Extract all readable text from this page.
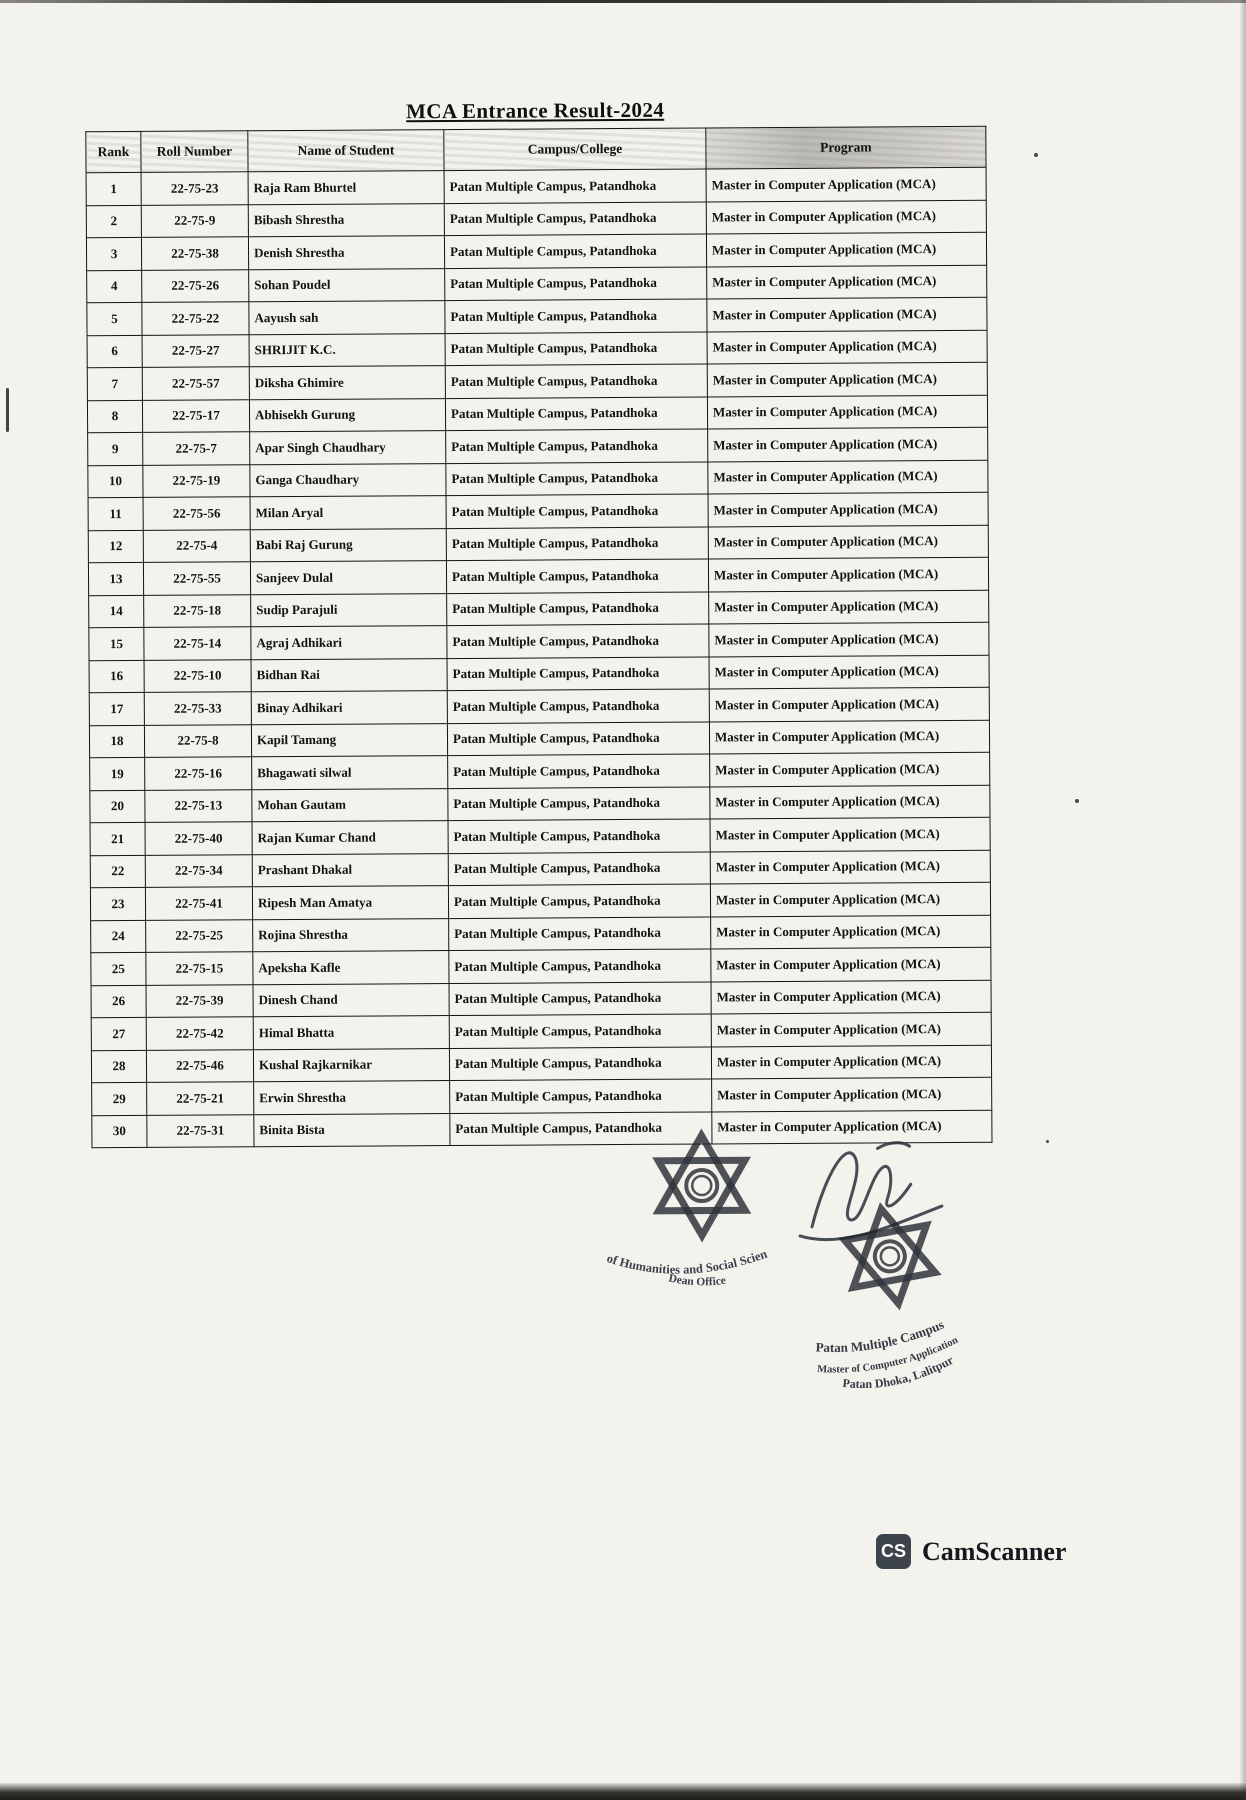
MCA Entrance Result-2024
Rank	Roll Number	Name of Student	Campus/College	Program
1	22-75-23	Raja Ram Bhurtel	Patan Multiple Campus, Patandhoka	Master in Computer Application (MCA)
2	22-75-9	Bibash Shrestha	Patan Multiple Campus, Patandhoka	Master in Computer Application (MCA)
3	22-75-38	Denish Shrestha	Patan Multiple Campus, Patandhoka	Master in Computer Application (MCA)
4	22-75-26	Sohan Poudel	Patan Multiple Campus, Patandhoka	Master in Computer Application (MCA)
5	22-75-22	Aayush sah	Patan Multiple Campus, Patandhoka	Master in Computer Application (MCA)
6	22-75-27	SHRIJIT K.C.	Patan Multiple Campus, Patandhoka	Master in Computer Application (MCA)
7	22-75-57	Diksha Ghimire	Patan Multiple Campus, Patandhoka	Master in Computer Application (MCA)
8	22-75-17	Abhisekh Gurung	Patan Multiple Campus, Patandhoka	Master in Computer Application (MCA)
9	22-75-7	Apar Singh Chaudhary	Patan Multiple Campus, Patandhoka	Master in Computer Application (MCA)
10	22-75-19	Ganga Chaudhary	Patan Multiple Campus, Patandhoka	Master in Computer Application (MCA)
11	22-75-56	Milan Aryal	Patan Multiple Campus, Patandhoka	Master in Computer Application (MCA)
12	22-75-4	Babi Raj Gurung	Patan Multiple Campus, Patandhoka	Master in Computer Application (MCA)
13	22-75-55	Sanjeev Dulal	Patan Multiple Campus, Patandhoka	Master in Computer Application (MCA)
14	22-75-18	Sudip Parajuli	Patan Multiple Campus, Patandhoka	Master in Computer Application (MCA)
15	22-75-14	Agraj Adhikari	Patan Multiple Campus, Patandhoka	Master in Computer Application (MCA)
16	22-75-10	Bidhan Rai	Patan Multiple Campus, Patandhoka	Master in Computer Application (MCA)
17	22-75-33	Binay Adhikari	Patan Multiple Campus, Patandhoka	Master in Computer Application (MCA)
18	22-75-8	Kapil Tamang	Patan Multiple Campus, Patandhoka	Master in Computer Application (MCA)
19	22-75-16	Bhagawati silwal	Patan Multiple Campus, Patandhoka	Master in Computer Application (MCA)
20	22-75-13	Mohan Gautam	Patan Multiple Campus, Patandhoka	Master in Computer Application (MCA)
21	22-75-40	Rajan Kumar Chand	Patan Multiple Campus, Patandhoka	Master in Computer Application (MCA)
22	22-75-34	Prashant Dhakal	Patan Multiple Campus, Patandhoka	Master in Computer Application (MCA)
23	22-75-41	Ripesh Man Amatya	Patan Multiple Campus, Patandhoka	Master in Computer Application (MCA)
24	22-75-25	Rojina Shrestha	Patan Multiple Campus, Patandhoka	Master in Computer Application (MCA)
25	22-75-15	Apeksha Kafle	Patan Multiple Campus, Patandhoka	Master in Computer Application (MCA)
26	22-75-39	Dinesh Chand	Patan Multiple Campus, Patandhoka	Master in Computer Application (MCA)
27	22-75-42	Himal Bhatta	Patan Multiple Campus, Patandhoka	Master in Computer Application (MCA)
28	22-75-46	Kushal Rajkarnikar	Patan Multiple Campus, Patandhoka	Master in Computer Application (MCA)
29	22-75-21	Erwin Shrestha	Patan Multiple Campus, Patandhoka	Master in Computer Application (MCA)
30	22-75-31	Binita Bista	Patan Multiple Campus, Patandhoka	Master in Computer Application (MCA)
of Humanities and Social Scien
Dean Office
Patan Multiple Campus
Master of Computer Application
Patan Dhoka, Lalitpur
CS CamScanner
